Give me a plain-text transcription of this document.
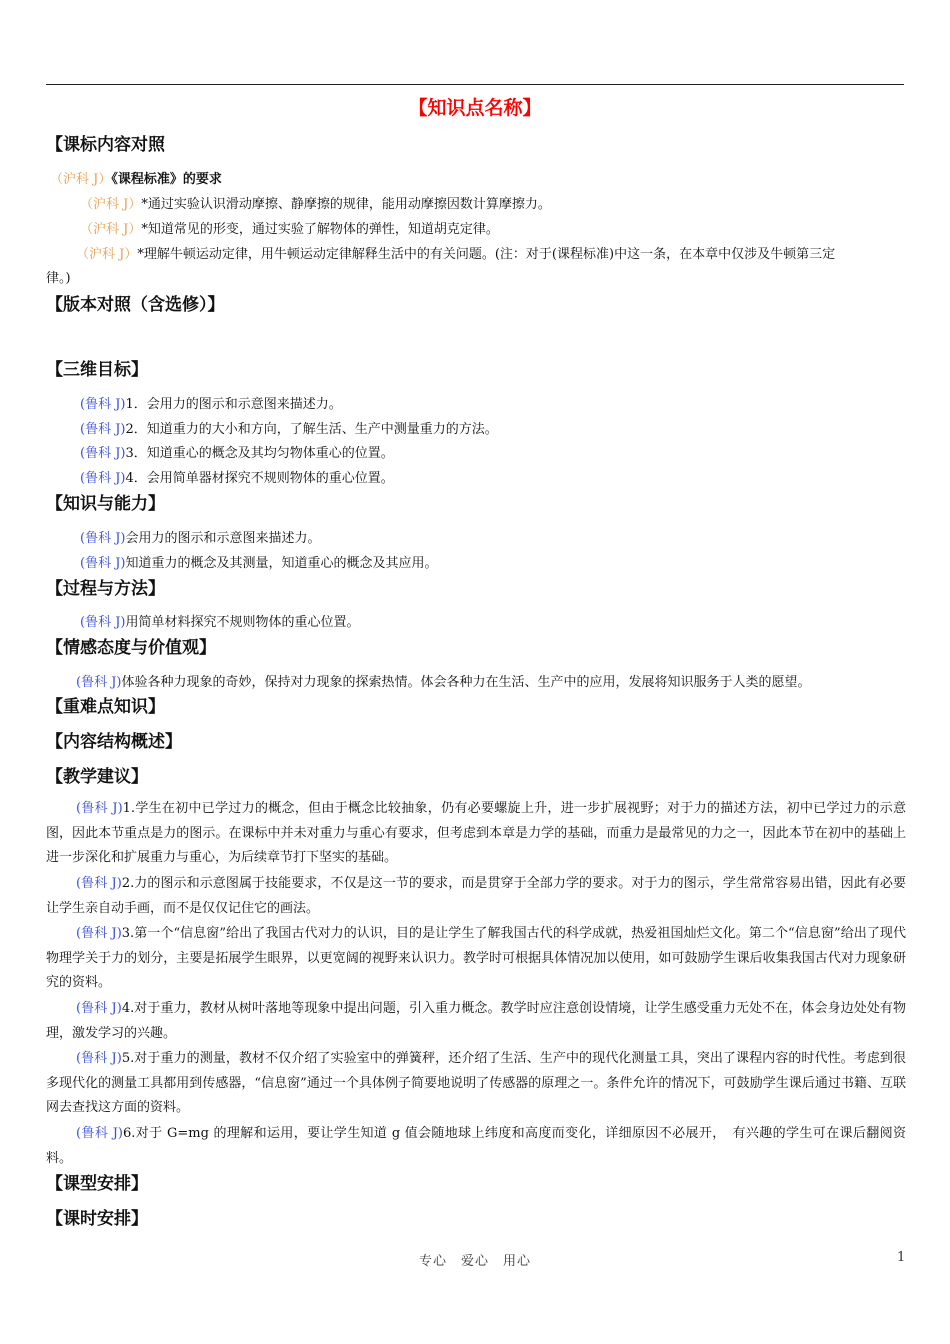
【知识点名称】
【课标内容对照
（沪科 J）《课程标准》的要求
（沪科 J）*通过实验认识滑动摩擦、静摩擦的规律，能用动摩擦因数计算摩擦力。
（沪科 J）*知道常见的形变，通过实验了解物体的弹性，知道胡克定律。
（沪科 J）*理解牛顿运动定律，用牛顿运动定律解释生活中的有关问题。(注：对于(课程标准)中这一条，在本章中仅涉及牛顿第三定
律。)
【版本对照（含选修）】
【三维目标】
(鲁科 J)1．会用力的图示和示意图来描述力。
(鲁科 J)2．知道重力的大小和方向，了解生活、生产中测量重力的方法。
(鲁科 J)3．知道重心的概念及其均匀物体重心的位置。
(鲁科 J)4．会用简单器材探究不规则物体的重心位置。
【知识与能力】
(鲁科 J)会用力的图示和示意图来描述力。
(鲁科 J)知道重力的概念及其测量，知道重心的概念及其应用。
【过程与方法】
(鲁科 J)用简单材料探究不规则物体的重心位置。
【情感态度与价值观】
(鲁科 J)体验各种力现象的奇妙，保持对力现象的探索热情。体会各种力在生活、生产中的应用，发展将知识服务于人类的愿望。
【重难点知识】
【内容结构概述】
【教学建议】
(鲁科 J)1.学生在初中已学过力的概念，但由于概念比较抽象，仍有必要螺旋上升，进一步扩展视野；对于力的描述方法，初中已学过力的示意图，因此本节重点是力的图示。在课标中并未对重力与重心有要求，但考虑到本章是力学的基础，而重力是最常见的力之一，因此本节在初中的基础上进一步深化和扩展重力与重心，为后续章节打下坚实的基础。
(鲁科 J)2.力的图示和示意图属于技能要求，不仅是这一节的要求，而是贯穿于全部力学的要求。对于力的图示，学生常常容易出错，因此有必要让学生亲自动手画，而不是仅仅记住它的画法。
(鲁科 J)3.第一个“信息窗”给出了我国古代对力的认识，目的是让学生了解我国古代的科学成就，热爱祖国灿烂文化。第二个“信息窗”给出了现代物理学关于力的划分，主要是拓展学生眼界，以更宽阔的视野来认识力。教学时可根据具体情况加以使用，如可鼓励学生课后收集我国古代对力现象研究的资料。
(鲁科 J)4.对于重力，教材从树叶落地等现象中提出问题，引入重力概念。教学时应注意创设情境，让学生感受重力无处不在，体会身边处处有物理，激发学习的兴趣。
(鲁科 J)5.对于重力的测量，教材不仅介绍了实验室中的弹簧秤，还介绍了生活、生产中的现代化测量工具，突出了课程内容的时代性。考虑到很多现代化的测量工具都用到传感器，“信息窗”通过一个具体例子简要地说明了传感器的原理之一。条件允许的情况下，可鼓励学生课后通过书籍、互联网去查找这方面的资料。
(鲁科 J)6.对于 G=mg 的理解和运用，要让学生知道 g 值会随地球上纬度和高度而变化，详细原因不必展开，　有兴趣的学生可在课后翻阅资料。
【课型安排】
【课时安排】
专心　爱心　用心	1
